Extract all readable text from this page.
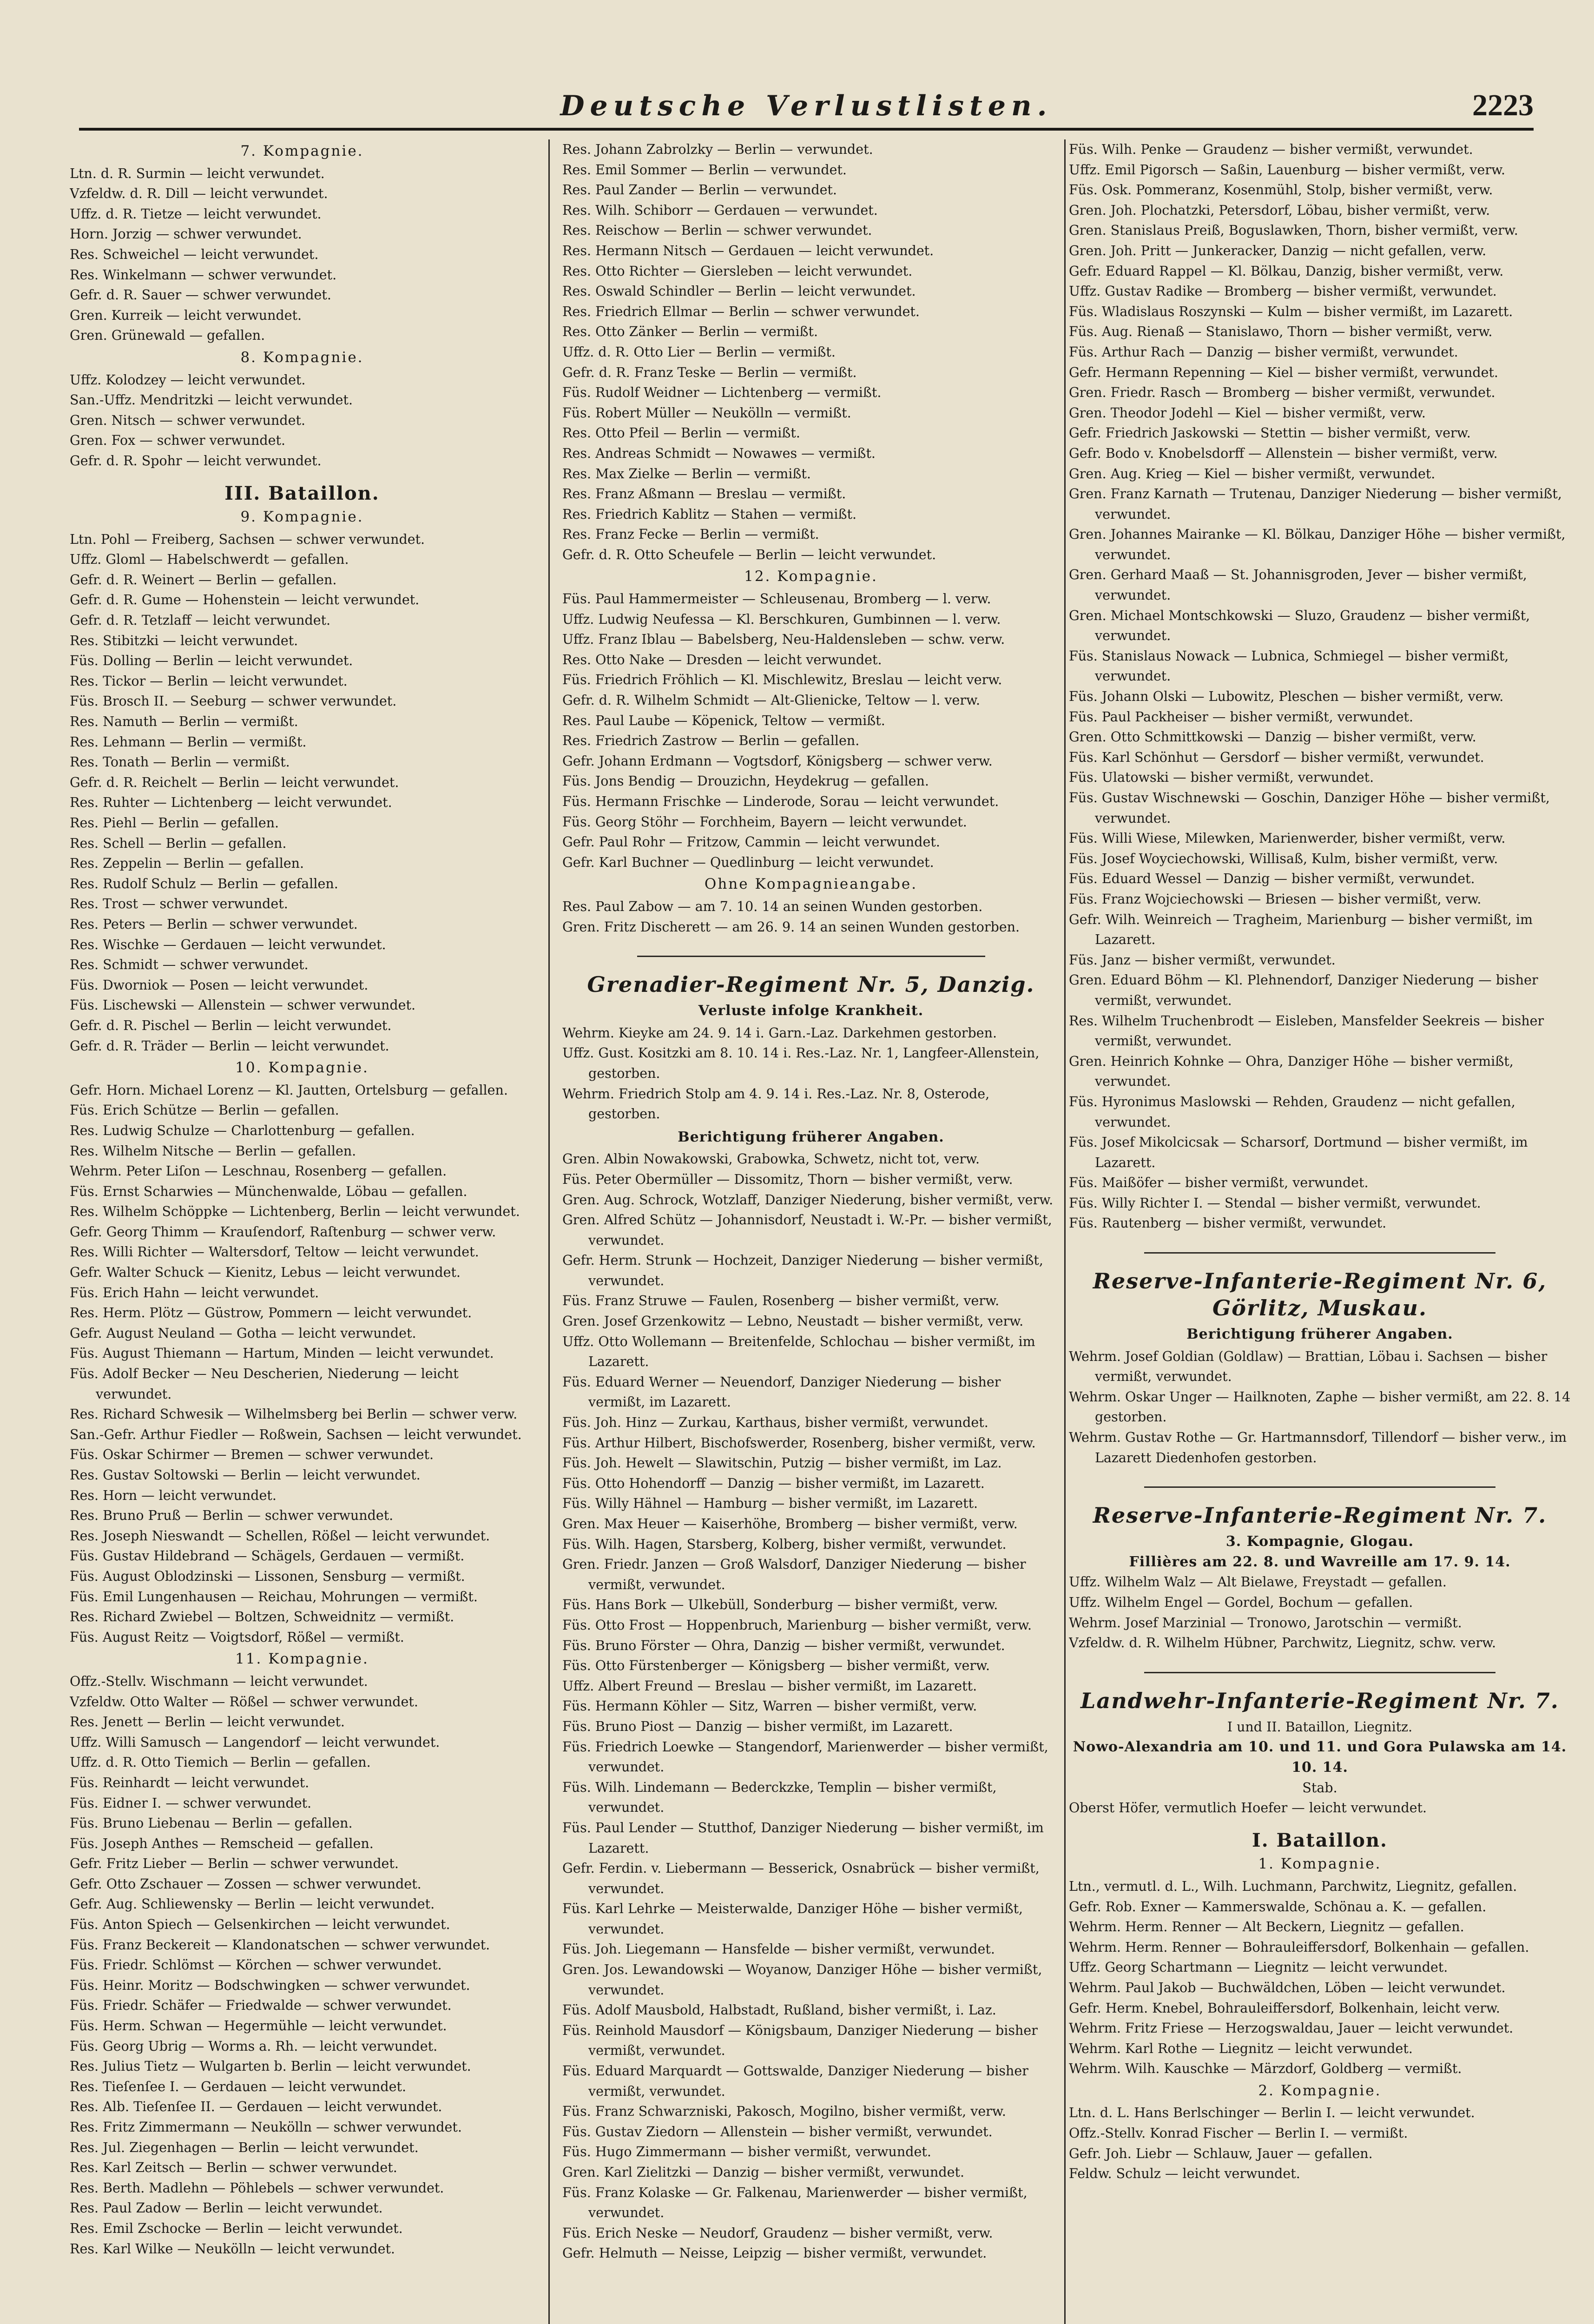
Deutsche Verlustlisten.	2223
7. Kompagnie.
Ltn. d. R. Surmin — leicht verwundet.
Vzfeldw. d. R. Dill — leicht verwundet.
Uffz. d. R. Tietze — leicht verwundet.
Horn. Jorzig — schwer verwundet.
Res. Schweichel — leicht verwundet.
Res. Winkelmann — schwer verwundet.
Gefr. d. R. Sauer — schwer verwundet.
Gren. Kurreik — leicht verwundet.
Gren. Grünewald — gefallen.
8. Kompagnie.
Uffz. Kolodzey — leicht verwundet.
San.-Uffz. Mendritzki — leicht verwundet.
Gren. Nitsch — schwer verwundet.
Gren. Fox — schwer verwundet.
Gefr. d. R. Spohr — leicht verwundet.
III. Bataillon.
9. Kompagnie.
Ltn. Pohl — Freiberg, Sachsen — schwer verwundet.
Uffz. Gloml — Habelschwerdt — gefallen.
Gefr. d. R. Weinert — Berlin — gefallen.
Gefr. d. R. Gume — Hohenstein — leicht verwundet.
Gefr. d. R. Tetzlaff — leicht verwundet.
Res. Stibitzki — leicht verwundet.
Füs. Dolling — Berlin — leicht verwundet.
Res. Tickor — Berlin — leicht verwundet.
Füs. Brosch II. — Seeburg — schwer verwundet.
Res. Namuth — Berlin — vermißt.
Res. Lehmann — Berlin — vermißt.
Res. Tonath — Berlin — vermißt.
Gefr. d. R. Reichelt — Berlin — leicht verwundet.
Res. Ruhter — Lichtenberg — leicht verwundet.
Res. Piehl — Berlin — gefallen.
Res. Schell — Berlin — gefallen.
Res. Zeppelin — Berlin — gefallen.
Res. Rudolf Schulz — Berlin — gefallen.
Res. Trost — schwer verwundet.
Res. Peters — Berlin — schwer verwundet.
Res. Wischke — Gerdauen — leicht verwundet.
Res. Schmidt — schwer verwundet.
Füs. Dworniok — Posen — leicht verwundet.
Füs. Lischewski — Allenstein — schwer verwundet.
Gefr. d. R. Pischel — Berlin — leicht verwundet.
Gefr. d. R. Träder — Berlin — leicht verwundet.
10. Kompagnie.
Gefr. Horn. Michael Lorenz — Kl. Jautten, Ortelsburg — gefallen.
Füs. Erich Schütze — Berlin — gefallen.
Res. Ludwig Schulze — Charlottenburg — gefallen.
Res. Wilhelm Nitsche — Berlin — gefallen.
Wehrm. Peter Liſon — Leschnau, Rosenberg — gefallen.
Füs. Ernst Scharwies — Münchenwalde, Löbau — gefallen.
Res. Wilhelm Schöppke — Lichtenberg, Berlin — leicht verwundet.
Gefr. Georg Thimm — Krauſendorf, Raſtenburg — schwer verw.
Res. Willi Richter — Waltersdorf, Teltow — leicht verwundet.
Gefr. Walter Schuck — Kienitz, Lebus — leicht verwundet.
Füs. Erich Hahn — leicht verwundet.
Res. Herm. Plötz — Güstrow, Pommern — leicht verwundet.
Gefr. August Neuland — Gotha — leicht verwundet.
Füs. August Thiemann — Hartum, Minden — leicht verwundet.
Füs. Adolf Becker — Neu Descherien, Niederung — leicht verwundet.
Res. Richard Schwesik — Wilhelmsberg bei Berlin — schwer verw.
San.-Gefr. Arthur Fiedler — Roßwein, Sachsen — leicht verwundet.
Füs. Oskar Schirmer — Bremen — schwer verwundet.
Res. Gustav Soltowski — Berlin — leicht verwundet.
Res. Horn — leicht verwundet.
Res. Bruno Pruß — Berlin — schwer verwundet.
Res. Joseph Nieswandt — Schellen, Rößel — leicht verwundet.
Füs. Gustav Hildebrand — Schägels, Gerdauen — vermißt.
Füs. August Oblodzinski — Lissonen, Sensburg — vermißt.
Füs. Emil Lungenhausen — Reichau, Mohrungen — vermißt.
Res. Richard Zwiebel — Boltzen, Schweidnitz — vermißt.
Füs. August Reitz — Voigtsdorf, Rößel — vermißt.
11. Kompagnie.
Offz.-Stellv. Wischmann — leicht verwundet.
Vzfeldw. Otto Walter — Rößel — schwer verwundet.
Res. Jenett — Berlin — leicht verwundet.
Uffz. Willi Samusch — Langendorf — leicht verwundet.
Uffz. d. R. Otto Tiemich — Berlin — gefallen.
Füs. Reinhardt — leicht verwundet.
Füs. Eidner I. — schwer verwundet.
Füs. Bruno Liebenau — Berlin — gefallen.
Füs. Joseph Anthes — Remscheid — gefallen.
Gefr. Fritz Lieber — Berlin — schwer verwundet.
Gefr. Otto Zschauer — Zossen — schwer verwundet.
Gefr. Aug. Schliewensky — Berlin — leicht verwundet.
Füs. Anton Spiech — Gelsenkirchen — leicht verwundet.
Füs. Franz Beckereit — Klandonatschen — schwer verwundet.
Füs. Friedr. Schlömst — Körchen — schwer verwundet.
Füs. Heinr. Moritz — Bodschwingken — schwer verwundet.
Füs. Friedr. Schäfer — Friedwalde — schwer verwundet.
Füs. Herm. Schwan — Hegermühle — leicht verwundet.
Füs. Georg Ubrig — Worms a. Rh. — leicht verwundet.
Res. Julius Tietz — Wulgarten b. Berlin — leicht verwundet.
Res. Tieſenſee I. — Gerdauen — leicht verwundet.
Res. Alb. Tieſenſee II. — Gerdauen — leicht verwundet.
Res. Fritz Zimmermann — Neukölln — schwer verwundet.
Res. Jul. Ziegenhagen — Berlin — leicht verwundet.
Res. Karl Zeitsch — Berlin — schwer verwundet.
Res. Berth. Madlehn — Pöhlebels — schwer verwundet.
Res. Paul Zadow — Berlin — leicht verwundet.
Res. Emil Zschocke — Berlin — leicht verwundet.
Res. Karl Wilke — Neukölln — leicht verwundet.
Res. Johann Zabrolzky — Berlin — verwundet.
Res. Emil Sommer — Berlin — verwundet.
Res. Paul Zander — Berlin — verwundet.
Res. Wilh. Schiborr — Gerdauen — verwundet.
Res. Reischow — Berlin — schwer verwundet.
Res. Hermann Nitsch — Gerdauen — leicht verwundet.
Res. Otto Richter — Giersleben — leicht verwundet.
Res. Oswald Schindler — Berlin — leicht verwundet.
Res. Friedrich Ellmar — Berlin — schwer verwundet.
Res. Otto Zänker — Berlin — vermißt.
Uffz. d. R. Otto Lier — Berlin — vermißt.
Gefr. d. R. Franz Teske — Berlin — vermißt.
Füs. Rudolf Weidner — Lichtenberg — vermißt.
Füs. Robert Müller — Neukölln — vermißt.
Res. Otto Pfeil — Berlin — vermißt.
Res. Andreas Schmidt — Nowawes — vermißt.
Res. Max Zielke — Berlin — vermißt.
Res. Franz Aßmann — Breslau — vermißt.
Res. Friedrich Kablitz — Stahen — vermißt.
Res. Franz Fecke — Berlin — vermißt.
Gefr. d. R. Otto Scheufele — Berlin — leicht verwundet.
12. Kompagnie.
Füs. Paul Hammermeister — Schleusenau, Bromberg — l. verw.
Uffz. Ludwig Neufessa — Kl. Berschkuren, Gumbinnen — l. verw.
Uffz. Franz Iblau — Babelsberg, Neu-Haldensleben — schw. verw.
Res. Otto Nake — Dresden — leicht verwundet.
Füs. Friedrich Fröhlich — Kl. Mischlewitz, Breslau — leicht verw.
Gefr. d. R. Wilhelm Schmidt — Alt-Glienicke, Teltow — l. verw.
Res. Paul Laube — Köpenick, Teltow — vermißt.
Res. Friedrich Zastrow — Berlin — gefallen.
Gefr. Johann Erdmann — Vogtsdorf, Königsberg — schwer verw.
Füs. Jons Bendig — Drouzichn, Heydekrug — gefallen.
Füs. Hermann Frischke — Linderode, Sorau — leicht verwundet.
Füs. Georg Stöhr — Forchheim, Bayern — leicht verwundet.
Gefr. Paul Rohr — Fritzow, Cammin — leicht verwundet.
Gefr. Karl Buchner — Quedlinburg — leicht verwundet.
Ohne Kompagnieangabe.
Res. Paul Zabow — am 7. 10. 14 an seinen Wunden gestorben.
Gren. Fritz Discherett — am 26. 9. 14 an seinen Wunden gestorben.
Grenadier-Regiment Nr. 5, Danzig.
Verluste infolge Krankheit.
Wehrm. Kieyke am 24. 9. 14 i. Garn.-Laz. Darkehmen gestorben.
Uffz. Gust. Kositzki am 8. 10. 14 i. Res.-Laz. Nr. 1, Langfeer-Allenstein, gestorben.
Wehrm. Friedrich Stolp am 4. 9. 14 i. Res.-Laz. Nr. 8, Osterode, gestorben.
Berichtigung früherer Angaben.
Gren. Albin Nowakowski, Grabowka, Schwetz, nicht tot, verw.
Füs. Peter Obermüller — Dissomitz, Thorn — bisher vermißt, verw.
Gren. Aug. Schrock, Wotzlaff, Danziger Niederung, bisher vermißt, verw.
Gren. Alfred Schütz — Johannisdorf, Neustadt i. W.-Pr. — bisher vermißt, verwundet.
Gefr. Herm. Strunk — Hochzeit, Danziger Niederung — bisher vermißt, verwundet.
Füs. Franz Struwe — Faulen, Rosenberg — bisher vermißt, verw.
Gren. Josef Grzenkowitz — Lebno, Neustadt — bisher vermißt, verw.
Uffz. Otto Wollemann — Breitenfelde, Schlochau — bisher vermißt, im Lazarett.
Füs. Eduard Werner — Neuendorf, Danziger Niederung — bisher vermißt, im Lazarett.
Füs. Joh. Hinz — Zurkau, Karthaus, bisher vermißt, verwundet.
Füs. Arthur Hilbert, Bischofswerder, Rosenberg, bisher vermißt, verw.
Füs. Joh. Hewelt — Slawitschin, Putzig — bisher vermißt, im Laz.
Füs. Otto Hohendorff — Danzig — bisher vermißt, im Lazarett.
Füs. Willy Hähnel — Hamburg — bisher vermißt, im Lazarett.
Gren. Max Heuer — Kaiserhöhe, Bromberg — bisher vermißt, verw.
Füs. Wilh. Hagen, Starsberg, Kolberg, bisher vermißt, verwundet.
Gren. Friedr. Janzen — Groß Walsdorf, Danziger Niederung — bisher vermißt, verwundet.
Füs. Hans Bork — Ulkebüll, Sonderburg — bisher vermißt, verw.
Füs. Otto Frost — Hoppenbruch, Marienburg — bisher vermißt, verw.
Füs. Bruno Förster — Ohra, Danzig — bisher vermißt, verwundet.
Füs. Otto Fürstenberger — Königsberg — bisher vermißt, verw.
Uffz. Albert Freund — Breslau — bisher vermißt, im Lazarett.
Füs. Hermann Köhler — Sitz, Warren — bisher vermißt, verw.
Füs. Bruno Piost — Danzig — bisher vermißt, im Lazarett.
Füs. Friedrich Loewke — Stangendorf, Marienwerder — bisher vermißt, verwundet.
Füs. Wilh. Lindemann — Bederckzke, Templin — bisher vermißt, verwundet.
Füs. Paul Lender — Stutthof, Danziger Niederung — bisher vermißt, im Lazarett.
Gefr. Ferdin. v. Liebermann — Besserick, Osnabrück — bisher vermißt, verwundet.
Füs. Karl Lehrke — Meisterwalde, Danziger Höhe — bisher vermißt, verwundet.
Füs. Joh. Liegemann — Hansfelde — bisher vermißt, verwundet.
Gren. Jos. Lewandowski — Woyanow, Danziger Höhe — bisher vermißt, verwundet.
Füs. Adolf Mausbold, Halbstadt, Rußland, bisher vermißt, i. Laz.
Füs. Reinhold Mausdorf — Königsbaum, Danziger Niederung — bisher vermißt, verwundet.
Füs. Eduard Marquardt — Gottswalde, Danziger Niederung — bisher vermißt, verwundet.
Füs. Franz Schwarzniski, Pakosch, Mogilno, bisher vermißt, verw.
Füs. Gustav Ziedorn — Allenstein — bisher vermißt, verwundet.
Füs. Hugo Zimmermann — bisher vermißt, verwundet.
Gren. Karl Zielitzki — Danzig — bisher vermißt, verwundet.
Füs. Franz Kolaske — Gr. Falkenau, Marienwerder — bisher vermißt, verwundet.
Füs. Erich Neske — Neudorf, Graudenz — bisher vermißt, verw.
Gefr. Helmuth — Neisse, Leipzig — bisher vermißt, verwundet.
Füs. Wilh. Penke — Graudenz — bisher vermißt, verwundet.
Uffz. Emil Pigorsch — Saßin, Lauenburg — bisher vermißt, verw.
Füs. Osk. Pommeranz, Kosenmühl, Stolp, bisher vermißt, verw.
Gren. Joh. Plochatzki, Petersdorf, Löbau, bisher vermißt, verw.
Gren. Stanislaus Preiß, Boguslawken, Thorn, bisher vermißt, verw.
Gren. Joh. Pritt — Junkeracker, Danzig — nicht gefallen, verw.
Gefr. Eduard Rappel — Kl. Bölkau, Danzig, bisher vermißt, verw.
Uffz. Gustav Radike — Bromberg — bisher vermißt, verwundet.
Füs. Wladislaus Roszynski — Kulm — bisher vermißt, im Lazarett.
Füs. Aug. Rienaß — Stanislawo, Thorn — bisher vermißt, verw.
Füs. Arthur Rach — Danzig — bisher vermißt, verwundet.
Gefr. Hermann Repenning — Kiel — bisher vermißt, verwundet.
Gren. Friedr. Rasch — Bromberg — bisher vermißt, verwundet.
Gren. Theodor Jodehl — Kiel — bisher vermißt, verw.
Gefr. Friedrich Jaskowski — Stettin — bisher vermißt, verw.
Gefr. Bodo v. Knobelsdorff — Allenstein — bisher vermißt, verw.
Gren. Aug. Krieg — Kiel — bisher vermißt, verwundet.
Gren. Franz Karnath — Trutenau, Danziger Niederung — bisher vermißt, verwundet.
Gren. Johannes Mairanke — Kl. Bölkau, Danziger Höhe — bisher vermißt, verwundet.
Gren. Gerhard Maaß — St. Johannisgroden, Jever — bisher vermißt, verwundet.
Gren. Michael Montschkowski — Sluzo, Graudenz — bisher vermißt, verwundet.
Füs. Stanislaus Nowack — Lubnica, Schmiegel — bisher vermißt, verwundet.
Füs. Johann Olski — Lubowitz, Pleschen — bisher vermißt, verw.
Füs. Paul Packheiser — bisher vermißt, verwundet.
Gren. Otto Schmittkowski — Danzig — bisher vermißt, verw.
Füs. Karl Schönhut — Gersdorf — bisher vermißt, verwundet.
Füs. Ulatowski — bisher vermißt, verwundet.
Füs. Gustav Wischnewski — Goschin, Danziger Höhe — bisher vermißt, verwundet.
Füs. Willi Wiese, Milewken, Marienwerder, bisher vermißt, verw.
Füs. Josef Woyciechowski, Willisaß, Kulm, bisher vermißt, verw.
Füs. Eduard Wessel — Danzig — bisher vermißt, verwundet.
Füs. Franz Wojciechowski — Briesen — bisher vermißt, verw.
Gefr. Wilh. Weinreich — Tragheim, Marienburg — bisher vermißt, im Lazarett.
Füs. Janz — bisher vermißt, verwundet.
Gren. Eduard Böhm — Kl. Plehnendorf, Danziger Niederung — bisher vermißt, verwundet.
Res. Wilhelm Truchenbrodt — Eisleben, Mansfelder Seekreis — bisher vermißt, verwundet.
Gren. Heinrich Kohnke — Ohra, Danziger Höhe — bisher vermißt, verwundet.
Füs. Hyronimus Maslowski — Rehden, Graudenz — nicht gefallen, verwundet.
Füs. Josef Mikolcicsak — Scharsorf, Dortmund — bisher vermißt, im Lazarett.
Füs. Maißöfer — bisher vermißt, verwundet.
Füs. Willy Richter I. — Stendal — bisher vermißt, verwundet.
Füs. Rautenberg — bisher vermißt, verwundet.
Reserve-Infanterie-Regiment Nr. 6, Görlitz, Muskau.
Berichtigung früherer Angaben.
Wehrm. Josef Goldian (Goldlaw) — Brattian, Löbau i. Sachsen — bisher vermißt, verwundet.
Wehrm. Oskar Unger — Hailknoten, Zaphe — bisher vermißt, am 22. 8. 14 gestorben.
Wehrm. Gustav Rothe — Gr. Hartmannsdorf, Tillendorf — bisher verw., im Lazarett Diedenhofen gestorben.
Reserve-Infanterie-Regiment Nr. 7.
3. Kompagnie, Glogau.
Fillières am 22. 8. und Wavreille am 17. 9. 14.
Uffz. Wilhelm Walz — Alt Bielawe, Freystadt — gefallen.
Uffz. Wilhelm Engel — Gordel, Bochum — gefallen.
Wehrm. Josef Marzinial — Tronowo, Jarotschin — vermißt.
Vzfeldw. d. R. Wilhelm Hübner, Parchwitz, Liegnitz, schw. verw.
Landwehr-Infanterie-Regiment Nr. 7.
I und II. Bataillon, Liegnitz.
Nowo-Alexandria am 10. und 11. und Gora Pulawska am 14. 10. 14.
Stab.
Oberst Höfer, vermutlich Hoefer — leicht verwundet.
I. Bataillon.
1. Kompagnie.
Ltn., vermutl. d. L., Wilh. Luchmann, Parchwitz, Liegnitz, gefallen.
Gefr. Rob. Exner — Kammerswalde, Schönau a. K. — gefallen.
Wehrm. Herm. Renner — Alt Beckern, Liegnitz — gefallen.
Wehrm. Herm. Renner — Bohrauleiffersdorf, Bolkenhain — gefallen.
Uffz. Georg Schartmann — Liegnitz — leicht verwundet.
Wehrm. Paul Jakob — Buchwäldchen, Löben — leicht verwundet.
Gefr. Herm. Knebel, Bohrauleiffersdorf, Bolkenhain, leicht verw.
Wehrm. Fritz Friese — Herzogswaldau, Jauer — leicht verwundet.
Wehrm. Karl Rothe — Liegnitz — leicht verwundet.
Wehrm. Wilh. Kauschke — Märzdorf, Goldberg — vermißt.
2. Kompagnie.
Ltn. d. L. Hans Berlschinger — Berlin I. — leicht verwundet.
Offz.-Stellv. Konrad Fischer — Berlin I. — vermißt.
Gefr. Joh. Liebr — Schlauw, Jauer — gefallen.
Feldw. Schulz — leicht verwundet.
